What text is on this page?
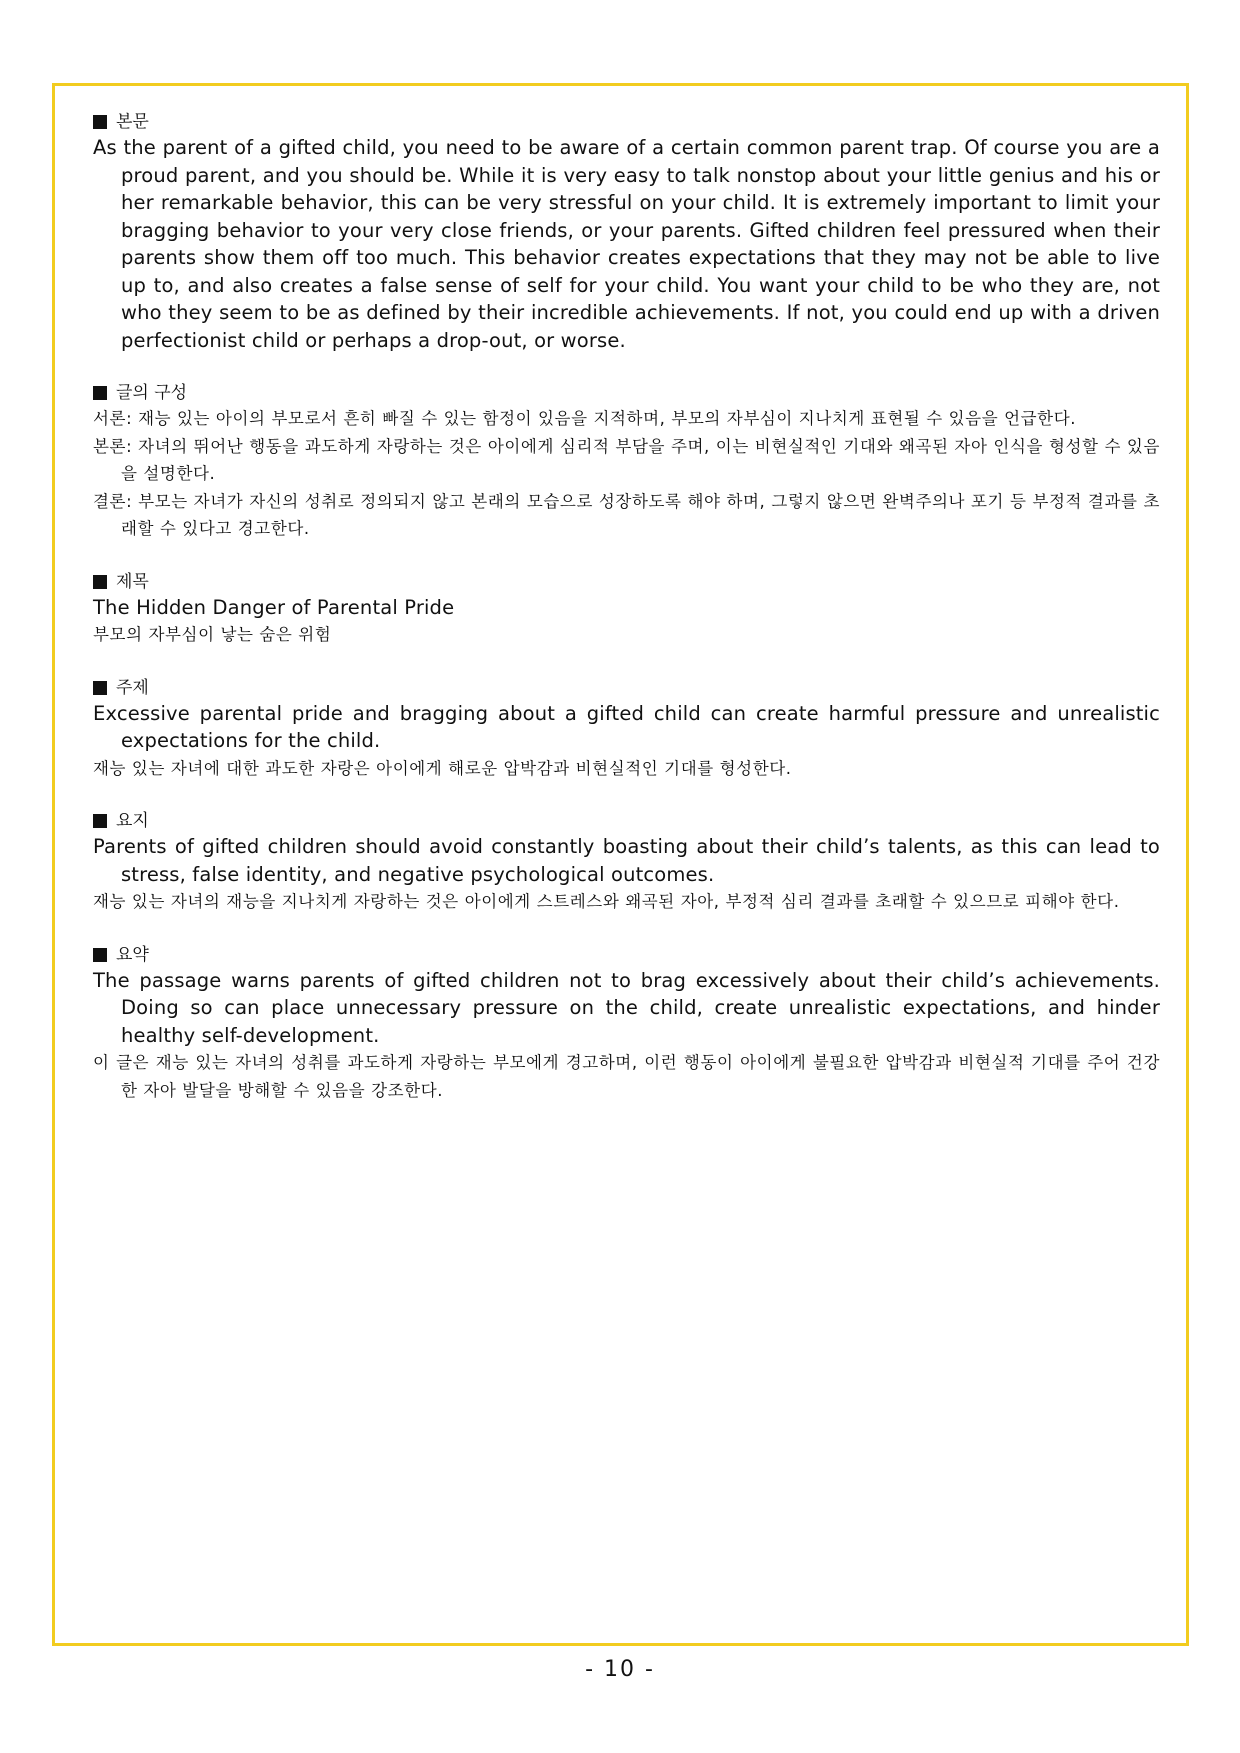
본문
As the parent of a gifted child, you need to be aware of a certain common parent trap. Of course you are a proud parent, and you should be. While it is very easy to talk nonstop about your little genius and his or her remarkable behavior, this can be very stressful on your child. It is extremely important to limit your bragging behavior to your very close friends, or your parents. Gifted children feel pressured when their parents show them off too much. This behavior creates expectations that they may not be able to live up to, and also creates a false sense of self for your child. You want your child to be who they are, not who they seem to be as defined by their incredible achievements. If not, you could end up with a driven perfectionist child or perhaps a drop-out, or worse.
글의 구성
서론: 재능 있는 아이의 부모로서 흔히 빠질 수 있는 함정이 있음을 지적하며, 부모의 자부심이 지나치게 표현될 수 있음을 언급한다.
본론: 자녀의 뛰어난 행동을 과도하게 자랑하는 것은 아이에게 심리적 부담을 주며, 이는 비현실적인 기대와 왜곡된 자아 인식을 형성할 수 있음을 설명한다.
결론: 부모는 자녀가 자신의 성취로 정의되지 않고 본래의 모습으로 성장하도록 해야 하며, 그렇지 않으면 완벽주의나 포기 등 부정적 결과를 초래할 수 있다고 경고한다.
제목
The Hidden Danger of Parental Pride
부모의 자부심이 낳는 숨은 위험
주제
Excessive parental pride and bragging about a gifted child can create harmful pressure and unrealistic expectations for the child.
재능 있는 자녀에 대한 과도한 자랑은 아이에게 해로운 압박감과 비현실적인 기대를 형성한다.
요지
Parents of gifted children should avoid constantly boasting about their child’s talents, as this can lead to stress, false identity, and negative psychological outcomes.
재능 있는 자녀의 재능을 지나치게 자랑하는 것은 아이에게 스트레스와 왜곡된 자아, 부정적 심리 결과를 초래할 수 있으므로 피해야 한다.
요약
The passage warns parents of gifted children not to brag excessively about their child’s achievements. Doing so can place unnecessary pressure on the child, create unrealistic expectations, and hinder healthy self-development.
이 글은 재능 있는 자녀의 성취를 과도하게 자랑하는 부모에게 경고하며, 이런 행동이 아이에게 불필요한 압박감과 비현실적 기대를 주어 건강한 자아 발달을 방해할 수 있음을 강조한다.
- 10 -
